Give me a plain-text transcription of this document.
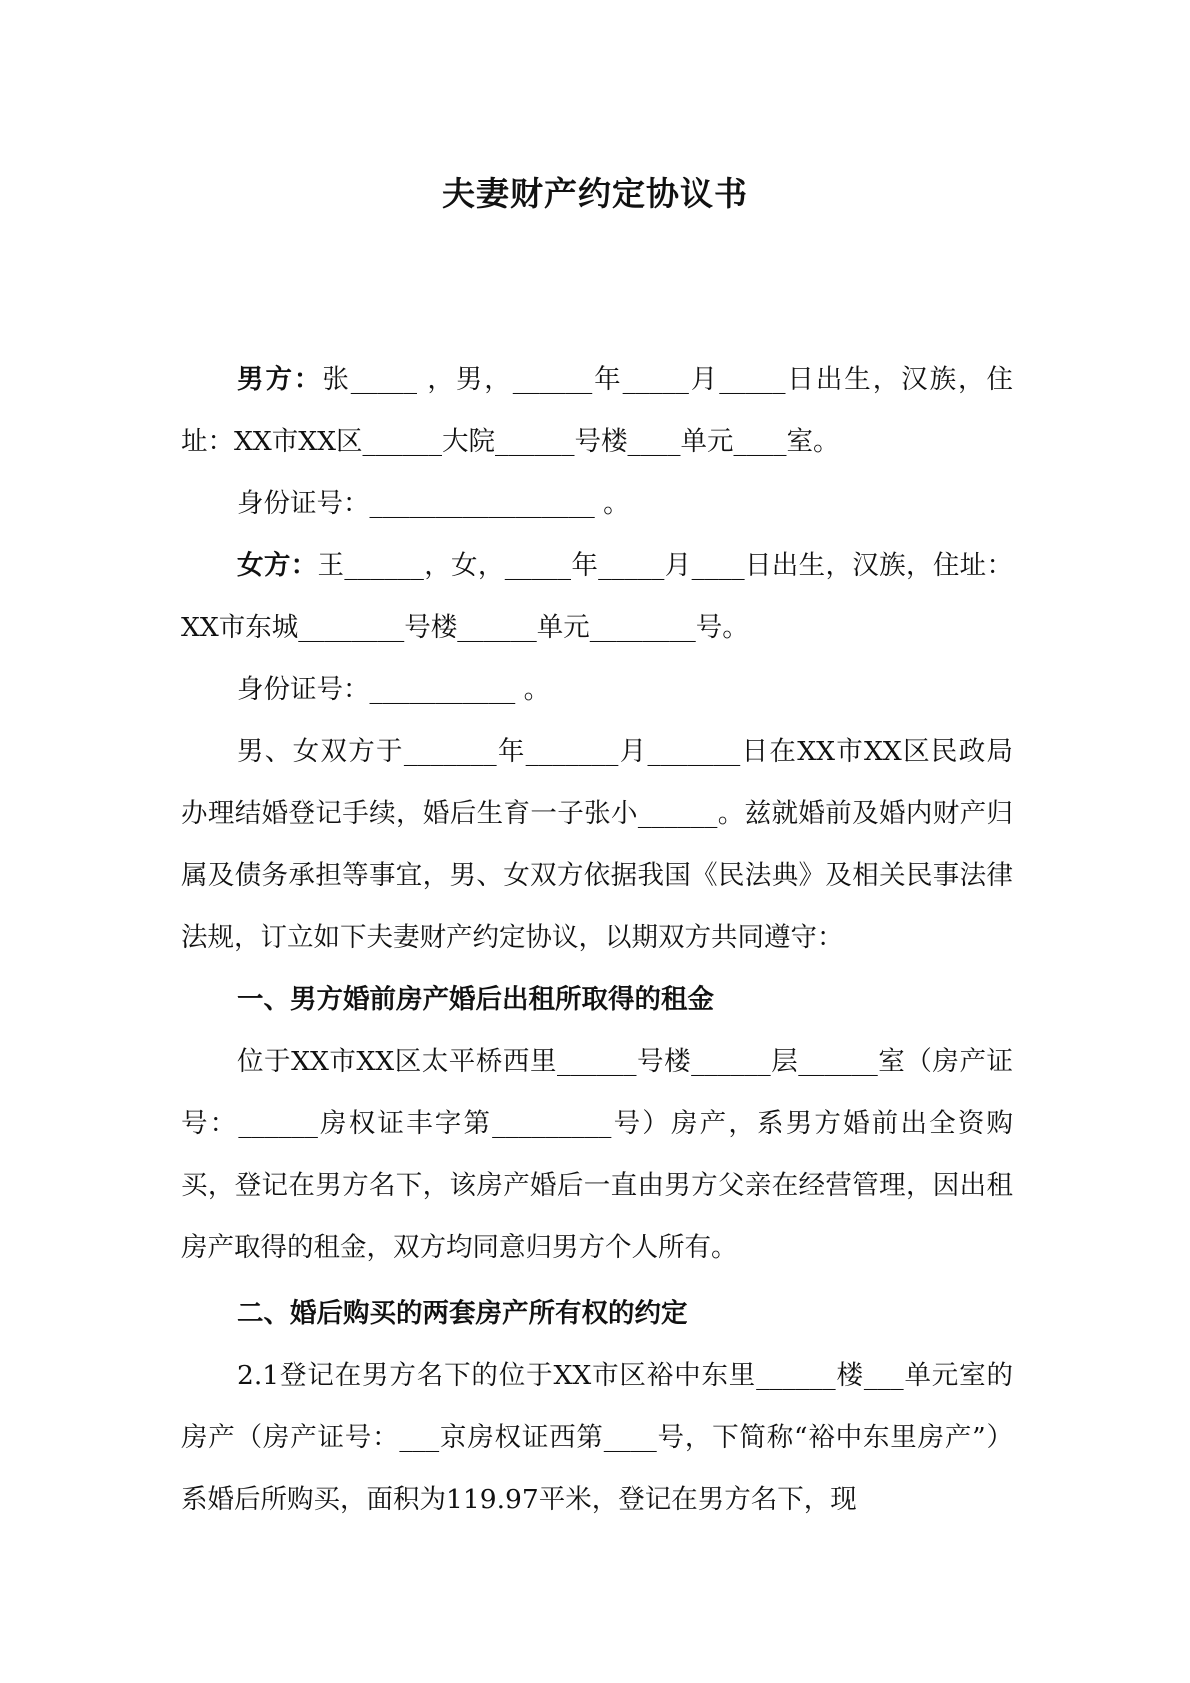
夫妻财产约定协议书

男方：张_____ ，男，______年_____月_____日出生，汉族，住址：XX市XX区______大院______号楼____单元____室。

身份证号：_________________ 。

女方：王______，女，_____年_____月____日出生，汉族，住址：XX市东城________号楼______单元________号。

身份证号：___________ 。

男、女双方于_______年_______月_______日在XX市XX区民政局办理结婚登记手续，婚后生育一子张小______。兹就婚前及婚内财产归属及债务承担等事宜，男、女双方依据我国《民法典》及相关民事法律法规，订立如下夫妻财产约定协议，以期双方共同遵守：

一、男方婚前房产婚后出租所取得的租金

位于XX市XX区太平桥西里______号楼______层______室（房产证号：______房权证丰字第_________号）房产，系男方婚前出全资购买，登记在男方名下，该房产婚后一直由男方父亲在经营管理，因出租房产取得的租金，双方均同意归男方个人所有。

二、婚后购买的两套房产所有权的约定

2.1登记在男方名下的位于XX市区裕中东里______楼___单元室的房产（房产证号：___京房权证西第____号，下简称“裕中东里房产”）系婚后所购买，面积为119.97平米，登记在男方名下，现
